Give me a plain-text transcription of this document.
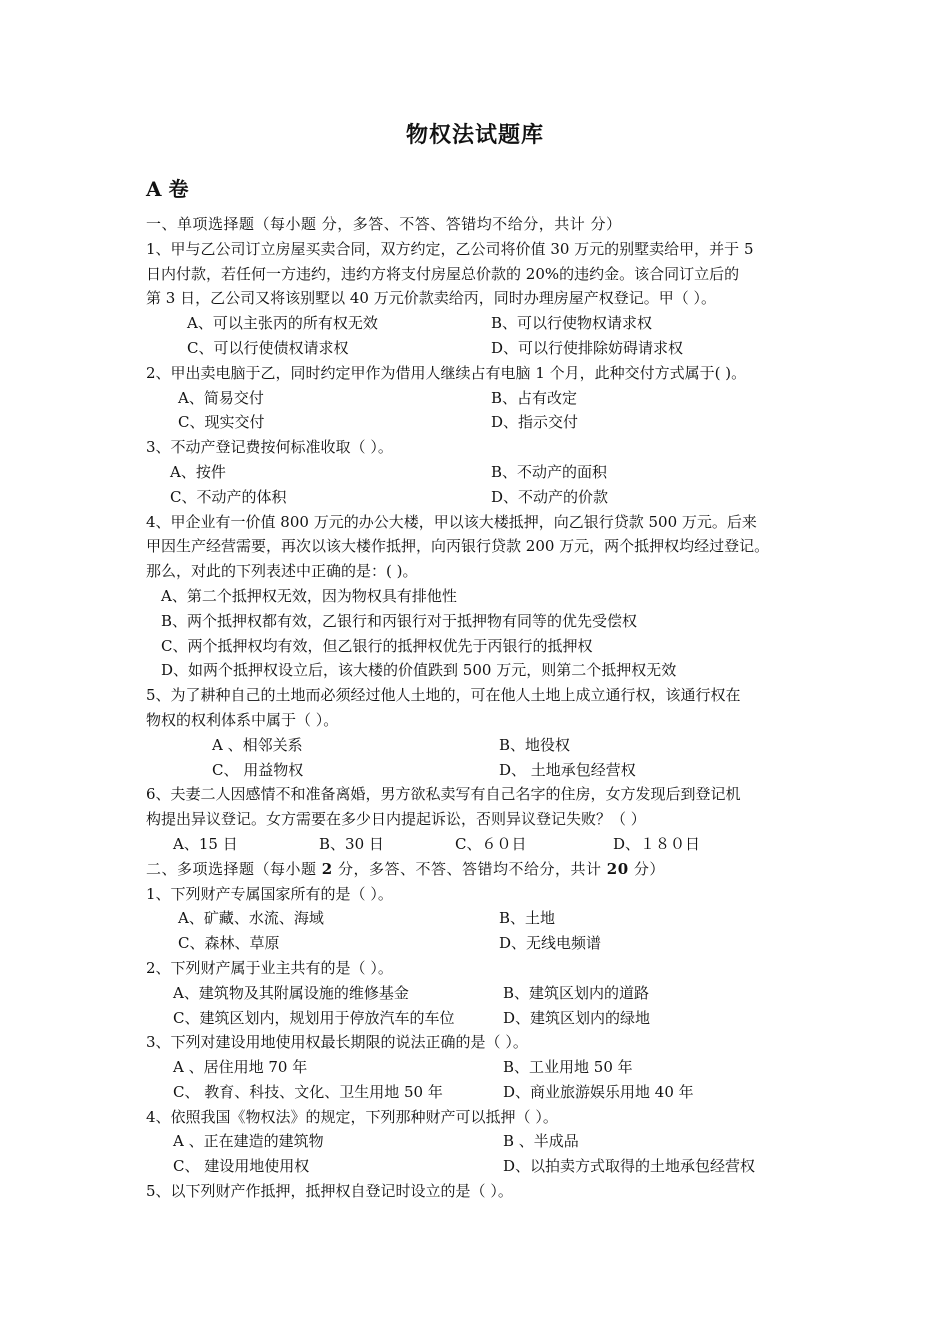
物权法试题库
A 卷
一、单项选择题（每小题 分，多答、不答、答错均不给分，共计 分）
1、甲与乙公司订立房屋买卖合同，双方约定，乙公司将价值 30 万元的别墅卖给甲，并于 5
日内付款，若任何一方违约，违约方将支付房屋总价款的 20%的违约金。该合同订立后的
第 3 日，乙公司又将该别墅以 40 万元价款卖给丙，同时办理房屋产权登记。甲（ ）。
A、可以主张丙的所有权无效	B、可以行使物权请求权
C、可以行使债权请求权	D、可以行使排除妨碍请求权
2、甲出卖电脑于乙，同时约定甲作为借用人继续占有电脑 1 个月，此种交付方式属于( )。
A、简易交付	B、占有改定
C、现实交付	D、指示交付
3、不动产登记费按何标准收取（ ）。
A、按件	B、不动产的面积
C、不动产的体积	D、不动产的价款
4、甲企业有一价值 800 万元的办公大楼，甲以该大楼抵押，向乙银行贷款 500 万元。后来
甲因生产经营需要，再次以该大楼作抵押，向丙银行贷款 200 万元，两个抵押权均经过登记。
那么，对此的下列表述中正确的是：( )。
A、第二个抵押权无效，因为物权具有排他性
B、两个抵押权都有效，乙银行和丙银行对于抵押物有同等的优先受偿权
C、两个抵押权均有效，但乙银行的抵押权优先于丙银行的抵押权
D、如两个抵押权设立后，该大楼的价值跌到 500 万元，则第二个抵押权无效
5、为了耕种自己的土地而必须经过他人土地的，可在他人土地上成立通行权，该通行权在
物权的权利体系中属于（ ）。
A 、相邻关系	B、地役权
C、 用益物权	D、 土地承包经营权
6、夫妻二人因感情不和准备离婚，男方欲私卖写有自己名字的住房，女方发现后到登记机
构提出异议登记。女方需要在多少日内提起诉讼，否则异议登记失败？（ ）
A、15 日	B、30 日	C、６０日	D、１８０日
二、多项选择题（每小题 2 分，多答、不答、答错均不给分，共计 20 分）
1、下列财产专属国家所有的是（ ）。
A、矿藏、水流、海域	B、土地
C、森林、草原	D、无线电频谱
2、下列财产属于业主共有的是（ ）。
A、建筑物及其附属设施的维修基金	B、建筑区划内的道路
C、建筑区划内，规划用于停放汽车的车位	D、建筑区划内的绿地
3、下列对建设用地使用权最长期限的说法正确的是（ ）。
A 、居住用地 70 年	B、工业用地 50 年
C、 教育、科技、文化、卫生用地 50 年	D、商业旅游娱乐用地 40 年
4、依照我国《物权法》的规定，下列那种财产可以抵押（ ）。
A 、正在建造的建筑物	B 、半成品
C、 建设用地使用权	D、以拍卖方式取得的土地承包经营权
5、以下列财产作抵押，抵押权自登记时设立的是（ ）。
